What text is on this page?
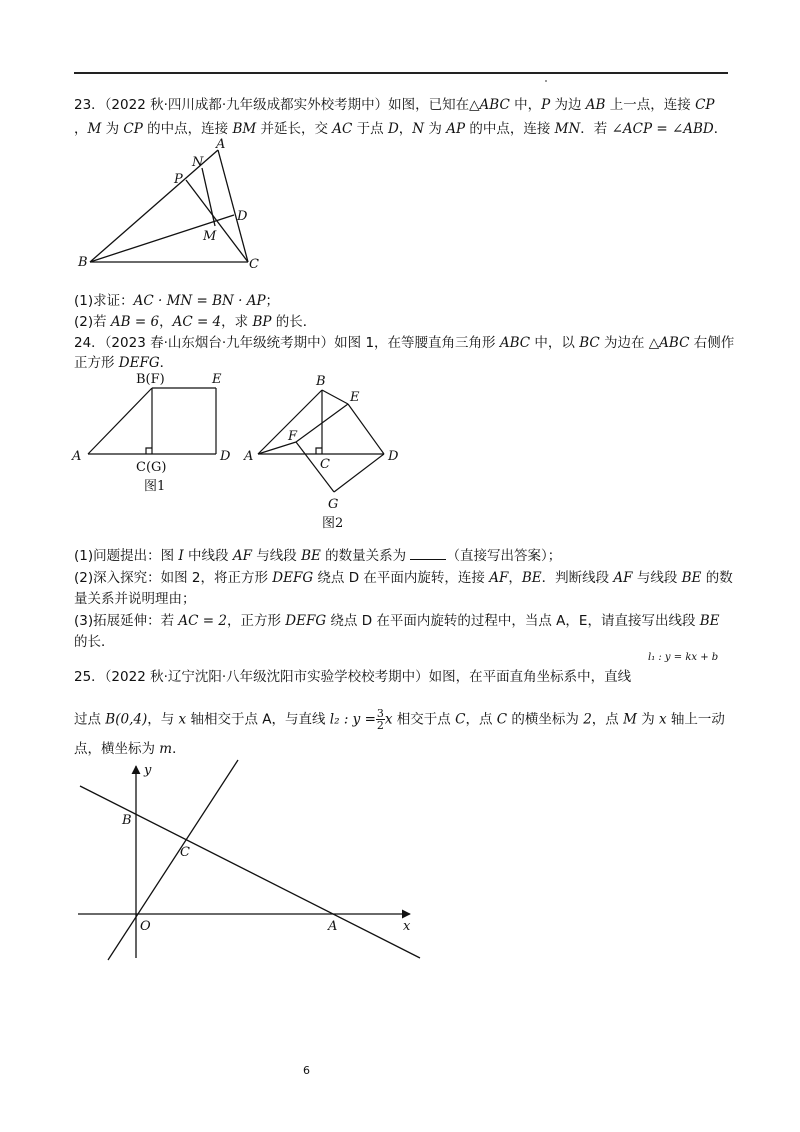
23．（2022 秋·四川成都·九年级成都实外校考期中）如图，已知在△ABC 中，P 为边 AB 上一点，连接 CP
，M 为 CP 的中点，连接 BM 并延长，交 AC 于点 D，N 为 AP 的中点，连接 MN．若 ∠ACP = ∠ABD．
A
N
P
D
M
B	C
(1)求证：AC · MN = BN · AP；
(2)若 AB = 6，AC = 4，求 BP 的长．
24．（2023 春·山东烟台·九年级统考期中）如图 1，在等腰直角三角形 ABC 中，以 BC 为边在 △ABC 右侧作
正方形 DEFG．
B(F)	E
A	D
C(G)
图1
B
E
F
A
C
D
G
图2
(1)问题提出：图 I 中线段 AF 与线段 BE 的数量关系为	（直接写出答案）；
(2)深入探究：如图 2，将正方形 DEFG 绕点 D 在平面内旋转，连接 AF，BE．判断线段 AF 与线段 BE 的数
量关系并说明理由；
(3)拓展延伸：若 AC = 2，正方形 DEFG 绕点 D 在平面内旋转的过程中，当点 A，E，请直接写出线段 BE
的长．
25．（2022 秋·辽宁沈阳·八年级沈阳市实验学校校考期中）如图，在平面直角坐标系中，直线
l₁ : y = kx + b
过点 B(0,4)，与 x 轴相交于点 A，与直线 l₂ : $y = \frac{3}{2}$ x 相交于点 C，点 C 的横坐标为 2，点 M 为 x 轴上一动
点，横坐标为 m．
y
B
C
O	A	x
6
